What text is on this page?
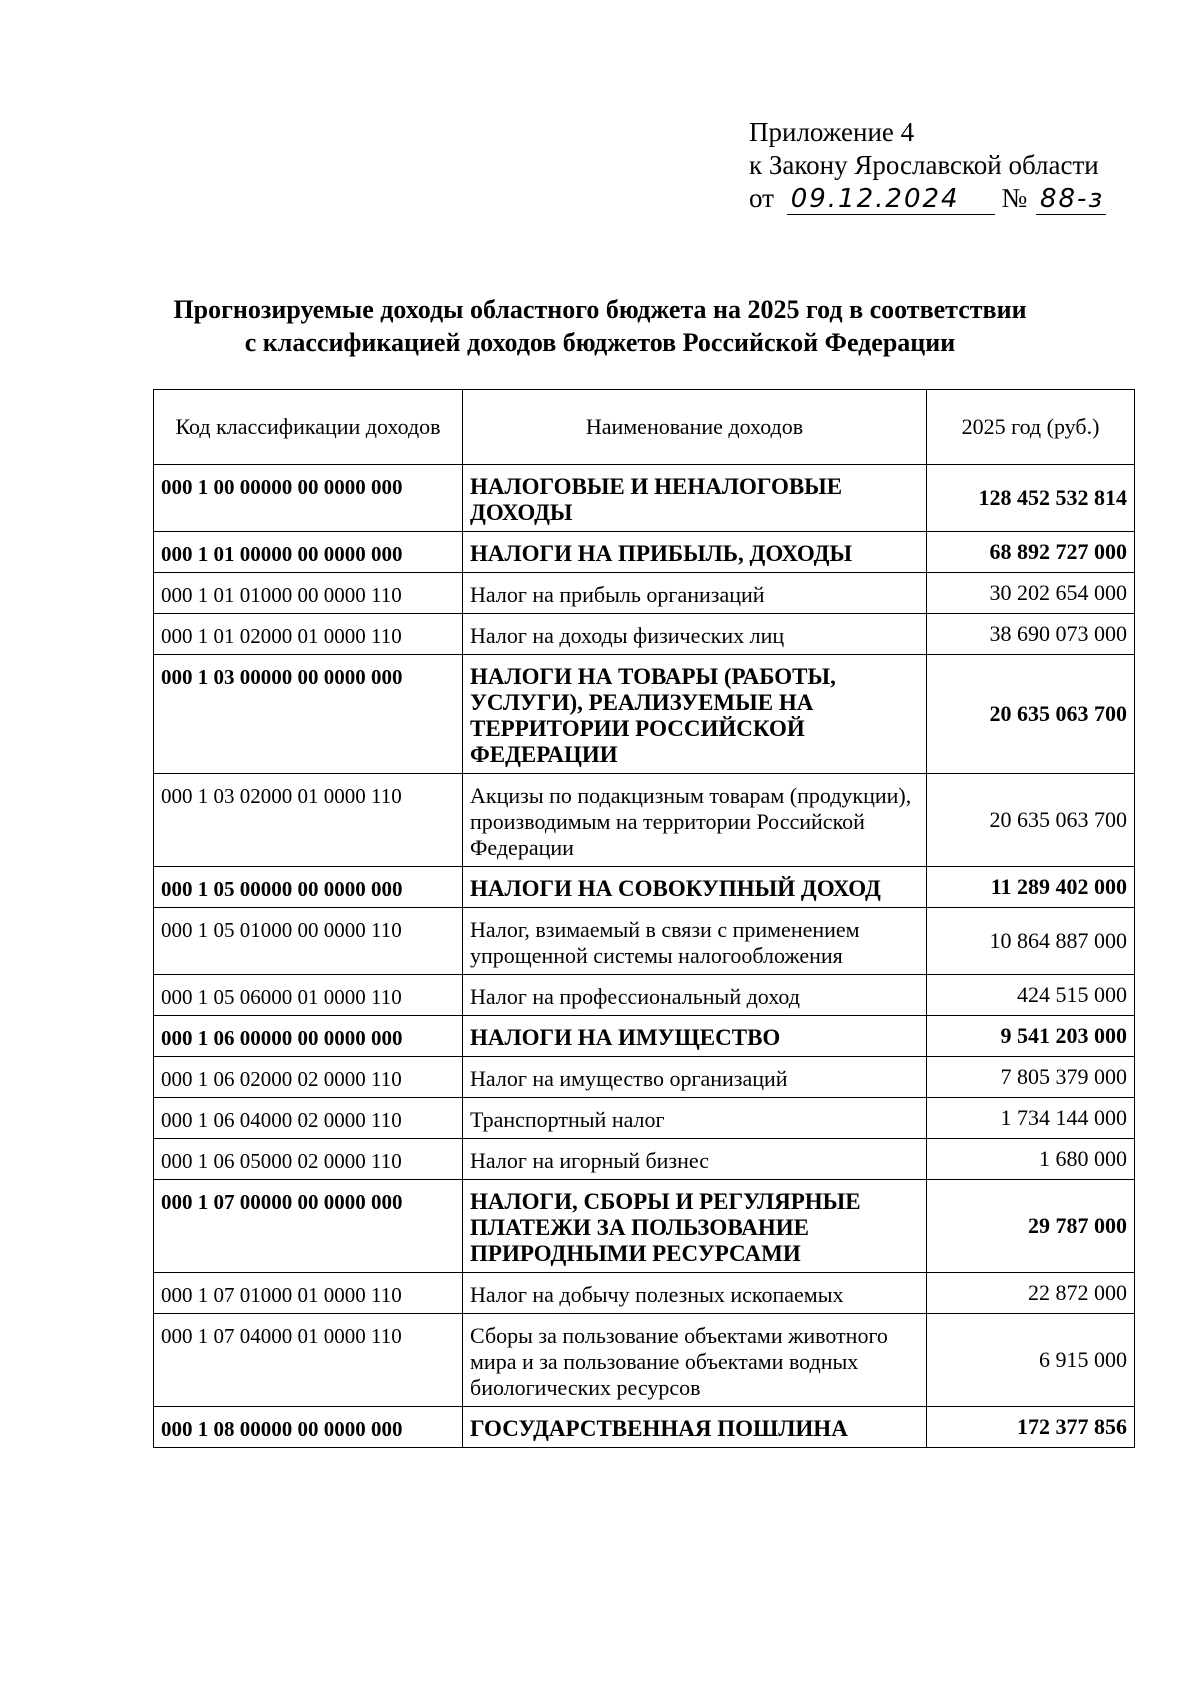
Приложение 4
к Закону Ярославской области
от 09.12.2024 № 88-з
Прогнозируемые доходы областного бюджета на 2025 год в соответствии
с классификацией доходов бюджетов Российской Федерации
Код классификации доходов	Наименование доходов	2025 год (руб.)
000 1 00 00000 00 0000 000	НАЛОГОВЫЕ И НЕНАЛОГОВЫЕ ДОХОДЫ	128 452 532 814
000 1 01 00000 00 0000 000	НАЛОГИ НА ПРИБЫЛЬ, ДОХОДЫ	68 892 727 000
000 1 01 01000 00 0000 110	Налог на прибыль организаций	30 202 654 000
000 1 01 02000 01 0000 110	Налог на доходы физических лиц	38 690 073 000
000 1 03 00000 00 0000 000	НАЛОГИ НА ТОВАРЫ (РАБОТЫ, УСЛУГИ), РЕАЛИЗУЕМЫЕ НА ТЕРРИТОРИИ РОССИЙСКОЙ ФЕДЕРАЦИИ	20 635 063 700
000 1 03 02000 01 0000 110	Акцизы по подакцизным товарам (продукции), производимым на территории Российской Федерации	20 635 063 700
000 1 05 00000 00 0000 000	НАЛОГИ НА СОВОКУПНЫЙ ДОХОД	11 289 402 000
000 1 05 01000 00 0000 110	Налог, взимаемый в связи с применением упрощенной системы налогообложения	10 864 887 000
000 1 05 06000 01 0000 110	Налог на профессиональный доход	424 515 000
000 1 06 00000 00 0000 000	НАЛОГИ НА ИМУЩЕСТВО	9 541 203 000
000 1 06 02000 02 0000 110	Налог на имущество организаций	7 805 379 000
000 1 06 04000 02 0000 110	Транспортный налог	1 734 144 000
000 1 06 05000 02 0000 110	Налог на игорный бизнес	1 680 000
000 1 07 00000 00 0000 000	НАЛОГИ, СБОРЫ И РЕГУЛЯРНЫЕ ПЛАТЕЖИ ЗА ПОЛЬЗОВАНИЕ ПРИРОДНЫМИ РЕСУРСАМИ	29 787 000
000 1 07 01000 01 0000 110	Налог на добычу полезных ископаемых	22 872 000
000 1 07 04000 01 0000 110	Сборы за пользование объектами животного мира и за пользование объектами водных биологических ресурсов	6 915 000
000 1 08 00000 00 0000 000	ГОСУДАРСТВЕННАЯ ПОШЛИНА	172 377 856
